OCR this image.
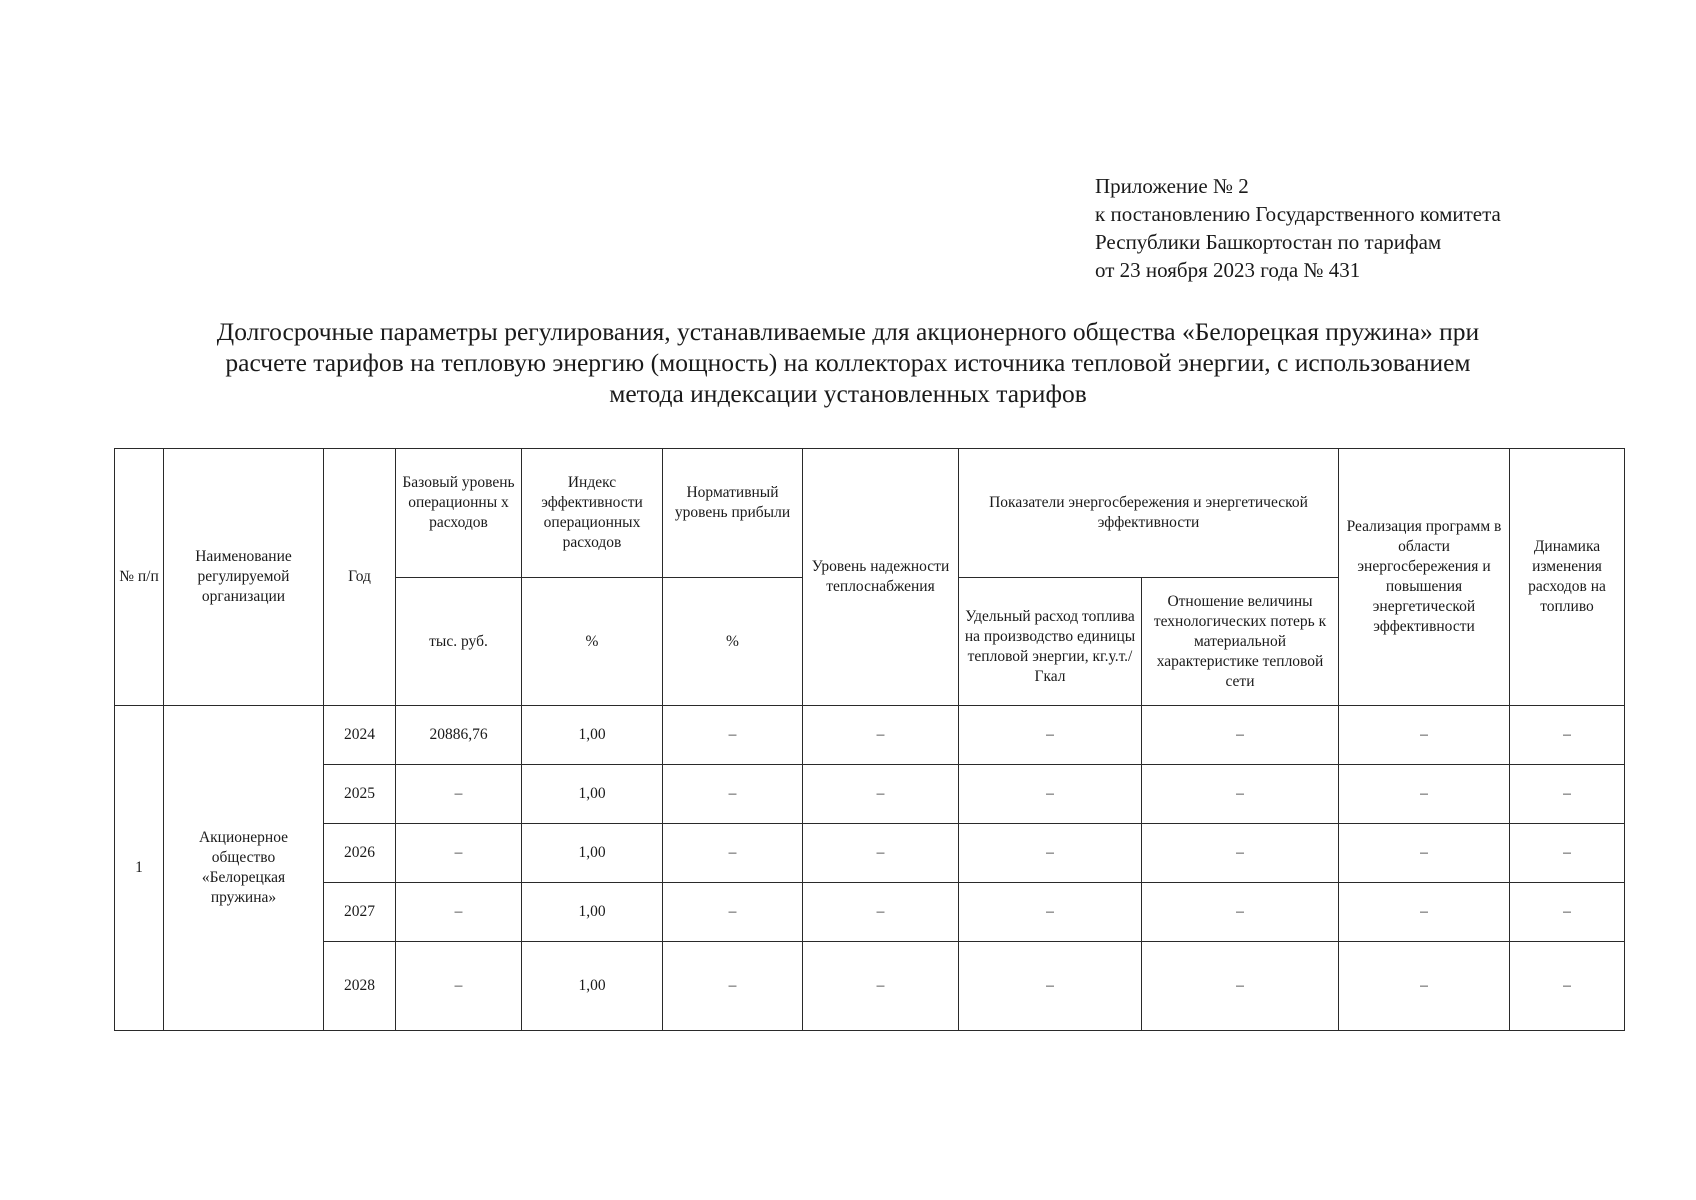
Приложение № 2
к постановлению Государственного комитета
Республики Башкортостан по тарифам
от 23 ноября 2023 года № 431
Долгосрочные параметры регулирования, устанавливаемые для акционерного общества «Белорецкая пружина» при
расчете тарифов на тепловую энергию (мощность) на коллекторах источника тепловой энергии, с использованием
метода индексации установленных тарифов
№ п/п	Наименование регулируемой организации	Год	Базовый уровень операционны х расходов	Индекс эффективности операционных расходов	Нормативный уровень прибыли	Уровень надежности теплоснабжения	Показатели энергосбережения и энергетической эффективности		Реализация программ в области энергосбережения и повышения энергетической эффективности	Динамика изменения расходов на топливо
			тыс. руб.	%	%		Удельный расход топлива на производство единицы тепловой энергии, кг.у.т./Гкал	Отношение величины технологических потерь к материальной характеристике тепловой сети		
1	Акционерное общество «Белорецкая пружина»	2024	20886,76	1,00	–	–	–	–	–	–
		2025	–	1,00	–	–	–	–	–	–
		2026	–	1,00	–	–	–	–	–	–
		2027	–	1,00	–	–	–	–	–	–
		2028	–	1,00	–	–	–	–	–	–
